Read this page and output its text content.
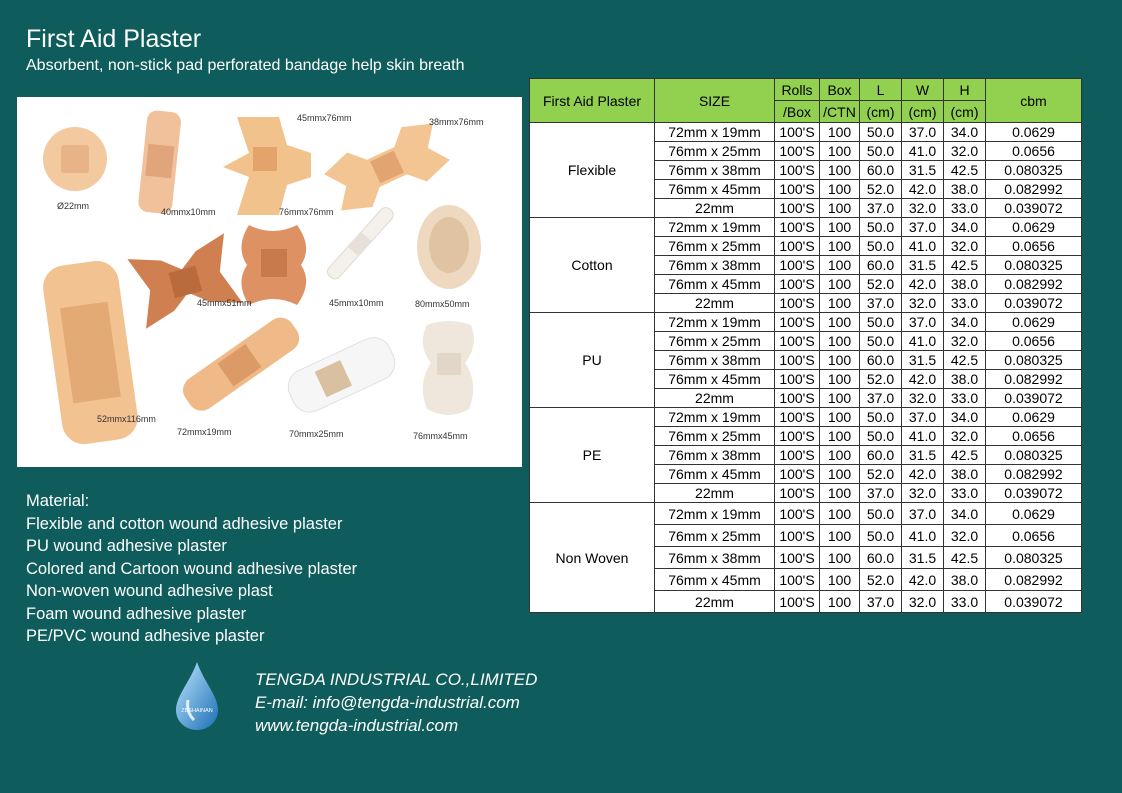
First Aid Plaster
Absorbent, non-stick pad perforated bandage help skin breath
Ø22mm
40mmx10mm
45mmx76mm	38mmx76mm
76mmx76mm
80mmx50mm
52mmx116mm
45mmx51mm	45mmx10mm
72mmx19mm	70mmx25mm	76mmx45mm
Material:
Flexible and cotton wound adhesive plaster
PU wound adhesive plaster
Colored and Cartoon wound adhesive plaster
Non-woven wound adhesive plast
Foam wound adhesive plaster
PE/PVC wound adhesive plaster
ZBSHAINAN
TENGDA INDUSTRIAL CO.,LIMITED
E-mail: info@tengda-industrial.com
www.tengda-industrial.com
First Aid Plaster	SIZE	Rolls	Box	L	W	H	cbm
		/Box	/CTN	(cm)	(cm)	(cm)	
Flexible	72mm x 19mm	100'S	100	50.0	37.0	34.0	0.0629
	76mm x 25mm	100'S	100	50.0	41.0	32.0	0.0656
	76mm x 38mm	100'S	100	60.0	31.5	42.5	0.080325
	76mm x 45mm	100'S	100	52.0	42.0	38.0	0.082992
	22mm	100'S	100	37.0	32.0	33.0	0.039072
Cotton	72mm x 19mm	100'S	100	50.0	37.0	34.0	0.0629
	76mm x 25mm	100'S	100	50.0	41.0	32.0	0.0656
	76mm x 38mm	100'S	100	60.0	31.5	42.5	0.080325
	76mm x 45mm	100'S	100	52.0	42.0	38.0	0.082992
	22mm	100'S	100	37.0	32.0	33.0	0.039072
PU	72mm x 19mm	100'S	100	50.0	37.0	34.0	0.0629
	76mm x 25mm	100'S	100	50.0	41.0	32.0	0.0656
	76mm x 38mm	100'S	100	60.0	31.5	42.5	0.080325
	76mm x 45mm	100'S	100	52.0	42.0	38.0	0.082992
	22mm	100'S	100	37.0	32.0	33.0	0.039072
PE	72mm x 19mm	100'S	100	50.0	37.0	34.0	0.0629
	76mm x 25mm	100'S	100	50.0	41.0	32.0	0.0656
	76mm x 38mm	100'S	100	60.0	31.5	42.5	0.080325
	76mm x 45mm	100'S	100	52.0	42.0	38.0	0.082992
	22mm	100'S	100	37.0	32.0	33.0	0.039072
Non Woven	72mm x 19mm	100'S	100	50.0	37.0	34.0	0.0629
	76mm x 25mm	100'S	100	50.0	41.0	32.0	0.0656
	76mm x 38mm	100'S	100	60.0	31.5	42.5	0.080325
	76mm x 45mm	100'S	100	52.0	42.0	38.0	0.082992
	22mm	100'S	100	37.0	32.0	33.0	0.039072
